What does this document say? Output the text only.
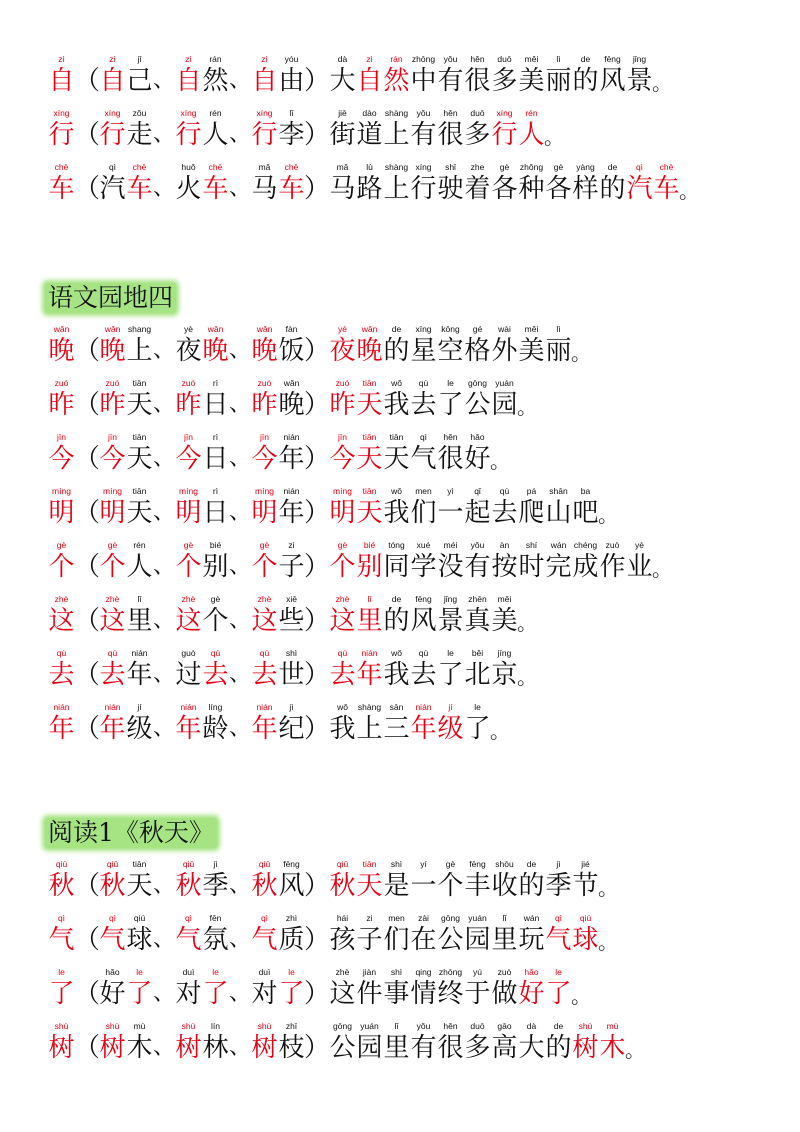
zì
自 （
zì
自
jǐ
己 、
zì
自
rán
然 、
zì
自
yóu
由 ）
dà
大
zì
自
rán
然
zhōng
中
yǒu
有
hěn
很
duō
多
měi
美
lì
丽
de
的
fēng
风
jǐng
景 。
xíng
行 （
xíng
行
zǒu
走 、
xíng
行
rén
人 、
xíng
行
lǐ
李 ）
jiē
街
dào
道
shàng
上
yǒu
有
hěn
很
duō
多
xíng
行
rén
人 。
chē
车 （
qì
汽
chē
车 、
huǒ
火
chē
车 、
mǎ
马
chē
车 ）
mǎ
马
lù
路
shàng
上
xíng
行
shǐ
驶
zhe
着
gè
各
zhǒng
种
gè
各
yàng
样
de
的
qì
汽
chē
车 。
语文园地四
wǎn
晚 （
wǎn
晚
shang
上 、
yè
夜
wǎn
晚 、
wǎn
晚
fàn
饭 ）
yè
夜
wǎn
晚
de
的
xīng
星
kōng
空
gé
格
wài
外
měi
美
lì
丽 。
zuó
昨 （
zuó
昨
tiān
天 、
zuó
昨
rì
日 、
zuó
昨
wǎn
晚 ）
zuó
昨
tiān
天
wǒ
我
qù
去
le
了
gōng
公
yuán
园 。
jīn
今 （
jīn
今
tiān
天 、
jīn
今
rì
日 、
jīn
今
nián
年 ）
jīn
今
tiān
天
tiān
天
qì
气
hěn
很
hǎo
好 。
míng
明 （
míng
明
tiān
天 、
míng
明
rì
日 、
míng
明
nián
年 ）
míng
明
tiān
天
wǒ
我
men
们
yì
一
qǐ
起
qù
去
pá
爬
shān
山
ba
吧 。
gè
个 （
gè
个
rén
人 、
gè
个
bié
别 、
gè
个
zi
子 ）
gè
个
bié
别
tóng
同
xué
学
méi
没
yǒu
有
àn
按
shí
时
wán
完
chéng
成
zuò
作
yè
业 。
zhè
这 （
zhè
这
lǐ
里 、
zhè
这
gè
个 、
zhè
这
xiē
些 ）
zhè
这
lǐ
里
de
的
fēng
风
jǐng
景
zhēn
真
měi
美 。
qù
去 （
qù
去
nián
年 、
guò
过
qù
去 、
qù
去
shì
世 ）
qù
去
nián
年
wǒ
我
qù
去
le
了
běi
北
jīng
京 。
nián
年 （
nián
年
jí
级 、
nián
年
líng
龄 、
nián
年
jì
纪 ）
wǒ
我
shàng
上
sān
三
nián
年
jí
级
le
了 。
阅读1《秋天》
qiū
秋 （
qiū
秋
tiān
天 、
qiū
秋
jì
季 、
qiū
秋
fēng
风 ）
qiū
秋
tiān
天
shì
是
yí
一
gè
个
fēng
丰
shōu
收
de
的
jì
季
jié
节 。
qì
气 （
qì
气
qiú
球 、
qì
气
fēn
氛 、
qì
气
zhì
质 ）
hái
孩
zi
子
men
们
zài
在
gōng
公
yuán
园
lǐ
里
wán
玩
qì
气
qiú
球 。
le
了 （
hǎo
好
le
了 、
duì
对
le
了 、
duì
对
le
了 ）
zhè
这
jiàn
件
shì
事
qing
情
zhōng
终
yú
于
zuò
做
hǎo
好
le
了 。
shù
树 （
shù
树
mù
木 、
shù
树
lín
林 、
shù
树
zhī
枝 ）
gōng
公
yuán
园
lǐ
里
yǒu
有
hěn
很
duō
多
gāo
高
dà
大
de
的
shù
树
mù
木 。
